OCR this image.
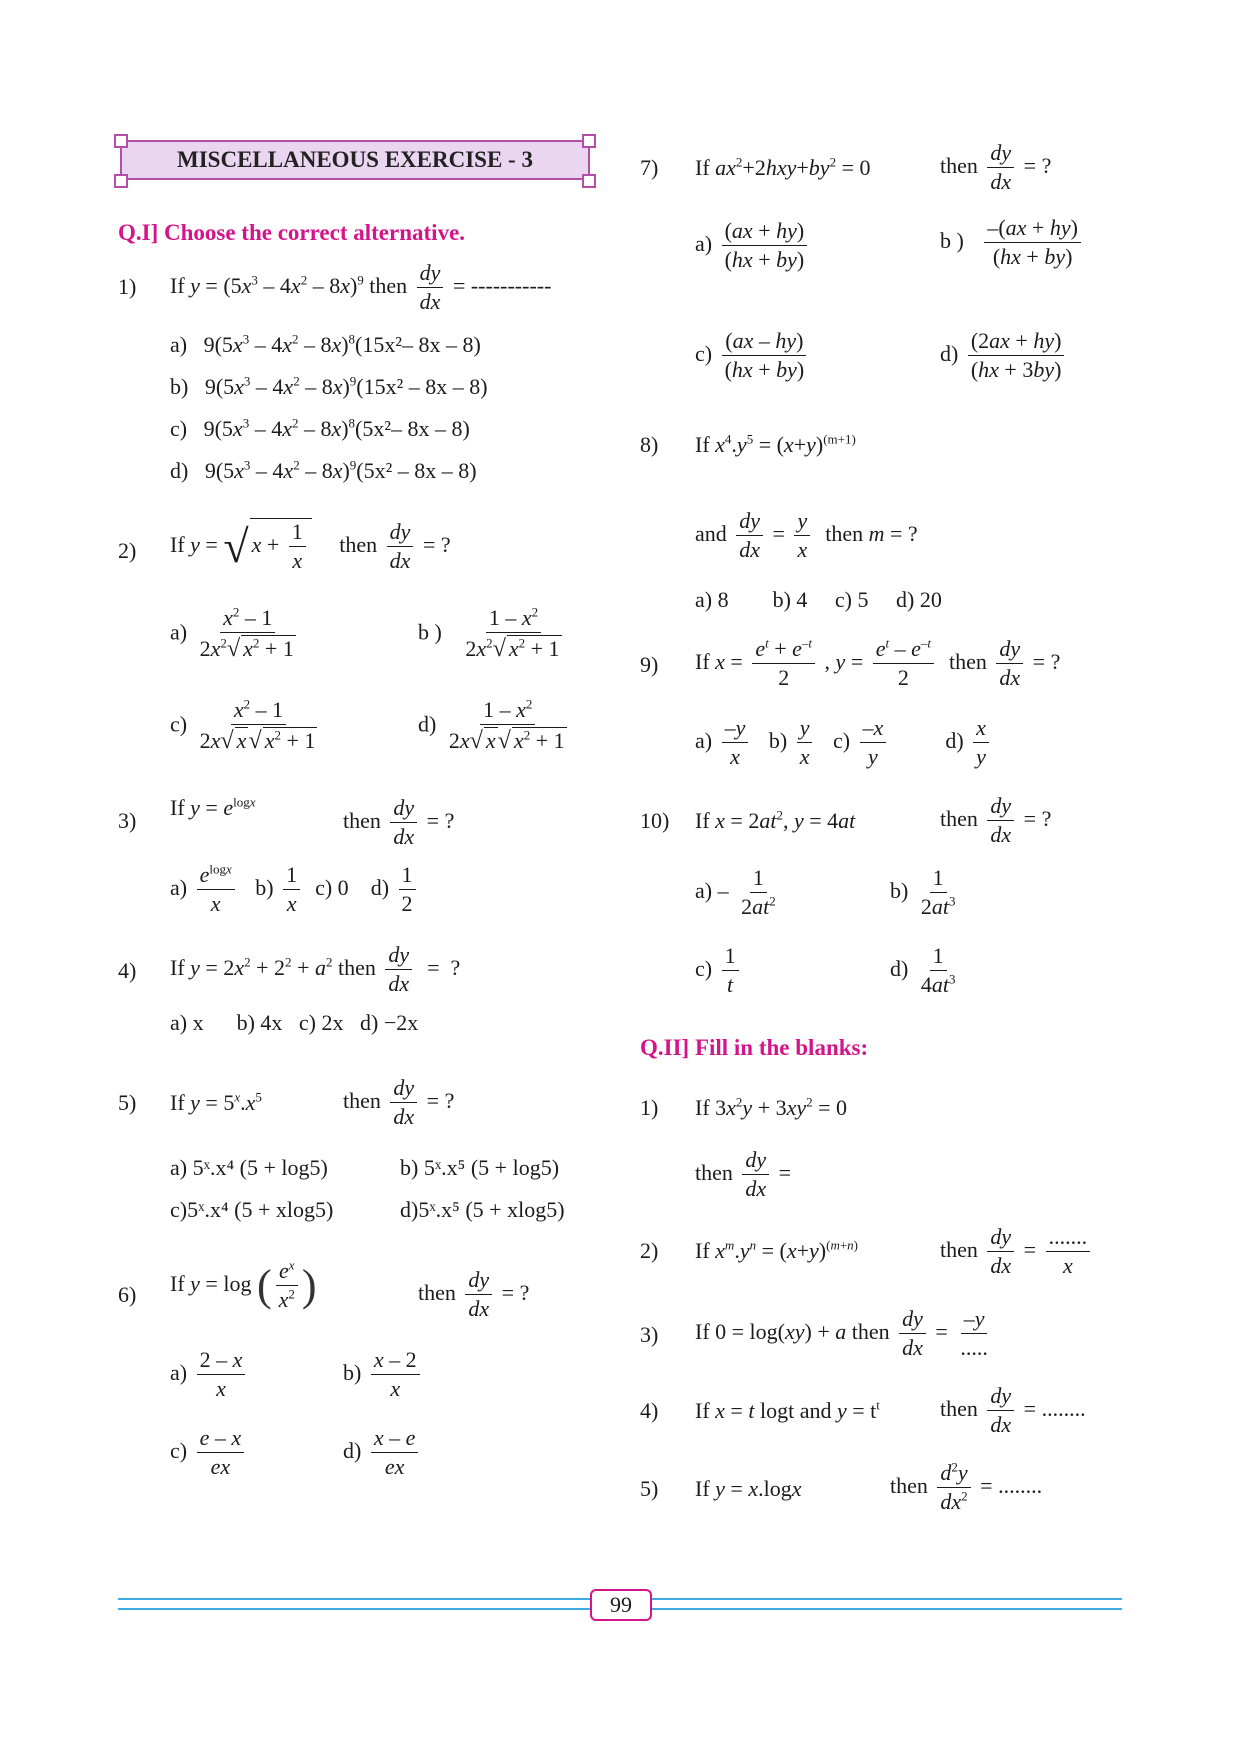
MISCELLANEOUS EXERCISE - 3
Q.I] Choose the correct alternative.
1) If $y = (5x^3 - 4x^2 - 8x)^9$ then $\frac{dy}{dx}$ = -----------
a)   $9(5x^3 - 4x^2 - 8x)^8(15x^2-$ 8x – 8)
b)   $9(5x^3 - 4x^2 - 8x)^9(15x^2 - 8x - 8)$
c)   $9(5x^3 - 4x^2 - 8x)^8(5x^2-$ 8x – 8)
d)   $9(5x^3 - 4x^2 - 8x)^9(5x^2 - 8x - 8)$
2) If y = √ $x + \frac{1}{x}$ then $\frac{dy}{dx}$ = ?
$a) \frac{x^2 - 1}{2x^2√ x^2 + 1}$	b ) $\frac{1 - x^2}{2x^2√ x^2 + 1}$
$c) \frac{x^2 - 1}{2x√ x√ x^2 + 1}$	$d) \frac{1 - x^2}{2x√ x√ x^2 + 1}$
3)
If $y = e^{logx}$
then $\frac{dy}{dx}$ = ?
$a) \frac{e^{logx}}{x} b) \frac{1}{x} c$) 0    $d) \frac{1}{2}$
4) If $y = 2x^2 + 2^2 + a^2$ then $\frac{dy}{dx}$ =  ?
a) x b) 4x c) 2x d) −2x
5) If $y = 5^x.x^5$	then $\frac{dy}{dx}$ = ?
a) 5ˣ.x⁴ (5 + log5)	b) 5ˣ.x⁵ (5 + log5)
c)5ˣ.x⁴ (5 + xlog5)	d)5ˣ.x⁵ (5 + xlog5)
6) If y = log ( $\frac{e^x}{x^2}$ )	then $\frac{dy}{dx}$ = ?
$a) \frac{2 - x}{x}$	$b) \frac{x - 2}{x}$
$c) \frac{e - x}{ex}$	$d) \frac{x - e}{ex}$
7) If $ax^2+2hxy+by^2 = 0$	then $\frac{dy}{dx}$ = ?
$a) \frac{(ax + hy)}{(hx + by)}$	b ) $\frac{-(ax + hy)}{(hx + by)}$
$c) \frac{(ax - hy)}{(hx + by)}$	$d) \frac{(2ax + hy)}{(hx + 3by)}$
8) If $x^4.y^5 = (x+y)^{(m+1)}$
and $\frac{dy}{dx} = \frac{y}{x}$ then m = ?
a) 8 b) 4 c) 5 d) 20
9) If $x = \frac{e^t + e^{-t}}{2}$ , $y = \frac{e^t - e^{-t}}{2}$ then $\frac{dy}{dx}$ = ?
$a) \frac{-y}{x} b) \frac{y}{x} c) \frac{-x}{y} d) \frac{x}{y}$
10) If $x = 2at^2$, y = 4at	then $\frac{dy}{dx}$ = ?
$a) - \frac{1}{2at^2}$	$b) \frac{1}{2at^3}$
$c) \frac{1}{t}$	$d) \frac{1}{4at^3}$
Q.II] Fill in the blanks:
1) If $3x^2y + 3xy^2 = 0$
then $\frac{dy}{dx}$ =
2) If $x^m.y^n = (x+y)^{(m+n)}$	then $\frac{dy}{dx} = \frac{.......}{x}$
3) If 0 = log(xy) + a then $\frac{dy}{dx} = \frac{-y}{.....}$
4) If x = t logt and $y = t^t$	then $\frac{dy}{dx}$ = ........
5) If y = x.logx	then $\frac{d^2y}{dx^2}$ = ........
99
